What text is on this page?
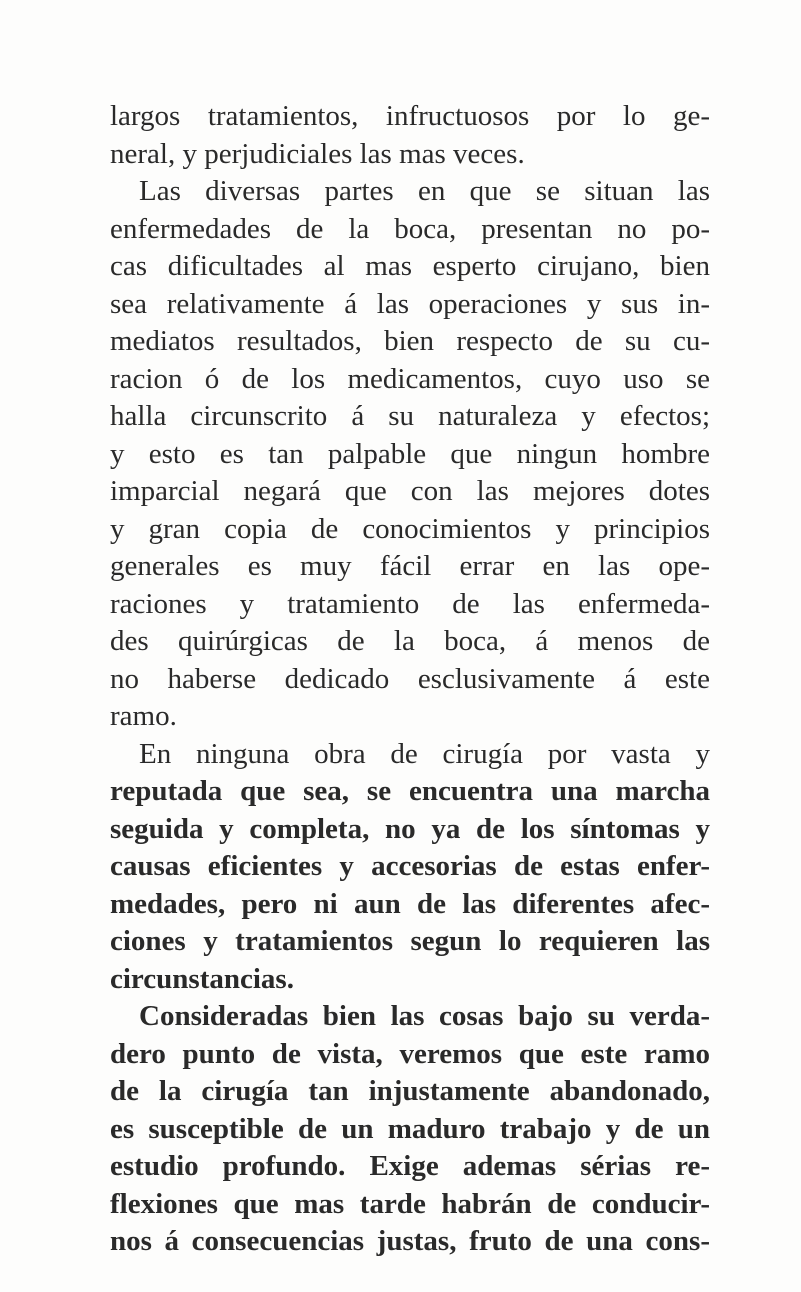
largos tratamientos, infructuosos por lo ge-
neral, y perjudiciales las mas veces.
Las diversas partes en que se situan las
enfermedades de la boca, presentan no po-
cas dificultades al mas esperto cirujano, bien
sea relativamente á las operaciones y sus in-
mediatos resultados, bien respecto de su cu-
racion ó de los medicamentos, cuyo uso se
halla circunscrito á su naturaleza y efectos;
y esto es tan palpable que ningun hombre
imparcial negará que con las mejores dotes
y gran copia de conocimientos y principios
generales es muy fácil errar en las ope-
raciones y tratamiento de las enfermeda-
des quirúrgicas de la boca, á menos de
no haberse dedicado esclusivamente á este
ramo.
En ninguna obra de cirugía por vasta y
reputada que sea, se encuentra una marcha
seguida y completa, no ya de los síntomas y
causas eficientes y accesorias de estas enfer-
medades, pero ni aun de las diferentes afec-
ciones y tratamientos segun lo requieren las
circunstancias.
Consideradas bien las cosas bajo su verda-
dero punto de vista, veremos que este ramo
de la cirugía tan injustamente abandonado,
es susceptible de un maduro trabajo y de un
estudio profundo. Exige ademas sérias re-
flexiones que mas tarde habrán de conducir-
nos á consecuencias justas, fruto de una cons-
